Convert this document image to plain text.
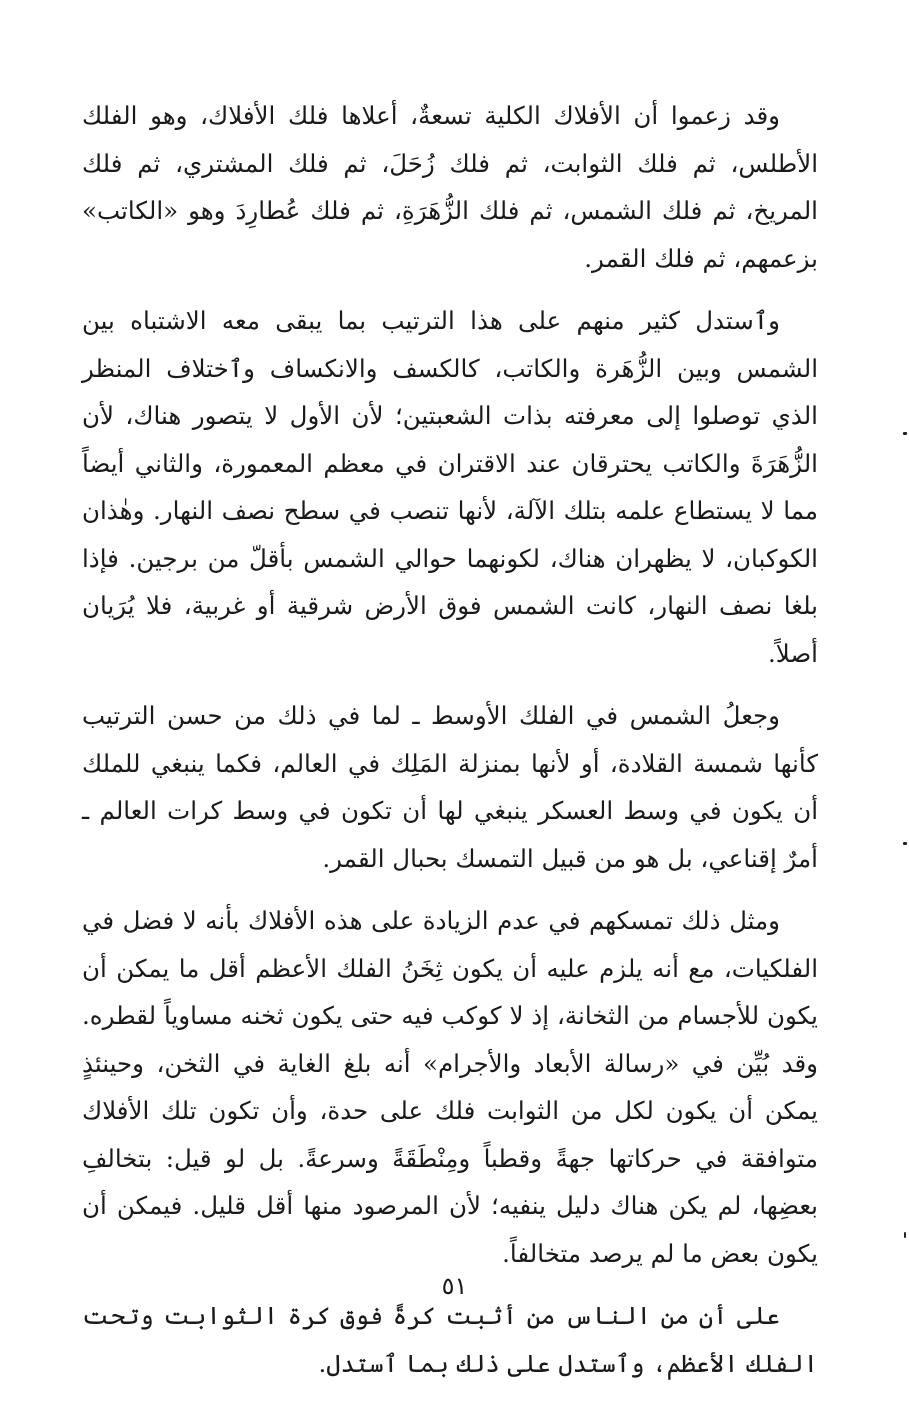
وقد زعموا أن الأفلاك الكلية تسعةٌ، أعلاها فلك الأفلاك، وهو الفلك الأطلس، ثم فلك الثوابت، ثم فلك زُحَلَ، ثم فلك المشتري، ثم فلك المريخ، ثم فلك الشمس، ثم فلك الزُّهَرَةِ، ثم فلك عُطارِدَ وهو «الكاتب» بزعمهم، ثم فلك القمر.

وٱستدل كثير منهم على هذا الترتيب بما يبقى معه الاشتباه بين الشمس وبين الزُّهَرة والكاتب، كالكسف والانكساف وٱختلاف المنظر الذي توصلوا إلى معرفته بذات الشعبتين؛ لأن الأول لا يتصور هناك، لأن الزُّهَرَةَ والكاتب يحترقان عند الاقتران في معظم المعمورة، والثاني أيضاً مما لا يستطاع علمه بتلك الآلة، لأنها تنصب في سطح نصف النهار. وهٰذان الكوكبان، لا يظهران هناك، لكونهما حوالي الشمس بأقلّ من برجين. فإذا بلغا نصف النهار، كانت الشمس فوق الأرض شرقية أو غربية، فلا يُرَيان أصلاً.

وجعلُ الشمس في الفلك الأوسط ـ لما في ذلك من حسن الترتيب كأنها شمسة القلادة، أو لأنها بمنزلة المَلِك في العالم، فكما ينبغي للملك أن يكون في وسط العسكر ينبغي لها أن تكون في وسط كرات العالم ـ أمرٌ إقناعي، بل هو من قبيل التمسك بحبال القمر.

ومثل ذلك تمسكهم في عدم الزيادة على هذه الأفلاك بأنه لا فضل في الفلكيات، مع أنه يلزم عليه أن يكون ثِخَنُ الفلك الأعظم أقل ما يمكن أن يكون للأجسام من الثخانة، إذ لا كوكب فيه حتى يكون ثخنه مساوياً لقطره. وقد بُيِّن في «رسالة الأبعاد والأجرام» أنه بلغ الغاية في الثخن، وحينئذٍ يمكن أن يكون لكل من الثوابت فلك على حدة، وأن تكون تلك الأفلاك متوافقة في حركاتها جهةً وقطباً ومِنْطَقَةً وسرعةً. بل لو قيل: بتخالفِ بعضِها، لم يكن هناك دليل ينفيه؛ لأن المرصود منها أقل قليل. فيمكن أن يكون بعض ما لم يرصد متخالفاً.

على أن من الناس من أثبت كرةً فوق كرة الثوابت وتحت الفلك الأعظم، وٱستدل على ذلك بما ٱستدل.

٥١
